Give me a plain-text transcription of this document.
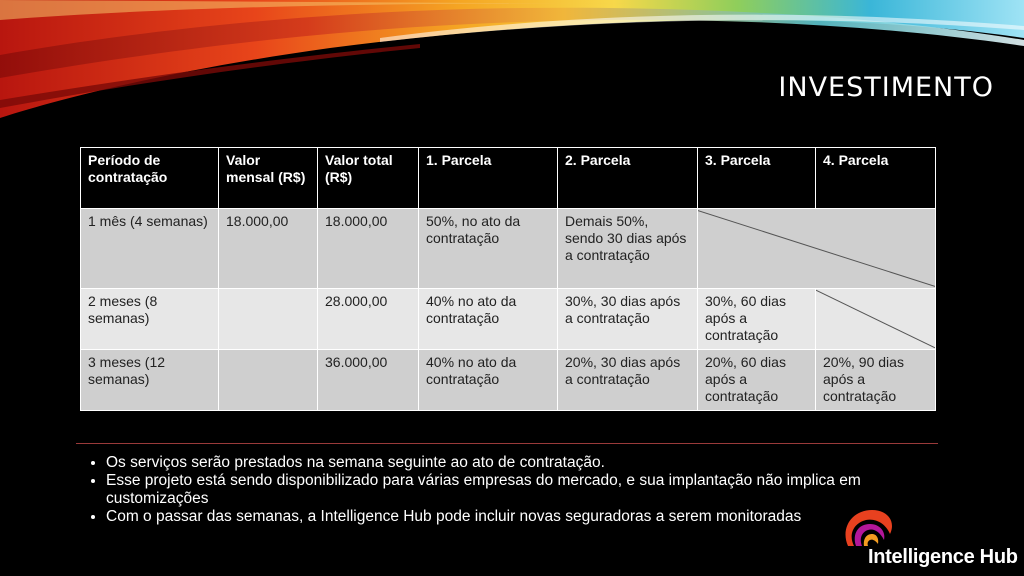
INVESTIMENTO
Período de contratação	Valor mensal (R$)	Valor total (R$)	1. Parcela	2. Parcela	3. Parcela	4. Parcela
1 mês (4 semanas)	18.000,00	18.000,00	50%, no ato da contratação	Demais 50%, sendo 30 dias após a contratação	

2 meses (8 semanas)		28.000,00	40% no ato da contratação	30%, 30 dias após a contratação	30%, 60 dias após a contratação	

3 meses (12 semanas)		36.000,00	40% no ato da contratação	20%, 30 dias após a contratação	20%, 60 dias após a contratação	20%, 90 dias após a contratação
• Os serviços serão prestados na semana seguinte ao ato de contratação.
• Esse projeto está sendo disponibilizado para várias empresas do mercado, e sua implantação não implica em customizações
• Com o passar das semanas, a Intelligence Hub pode incluir novas seguradoras a serem monitoradas
Intelligence Hub
